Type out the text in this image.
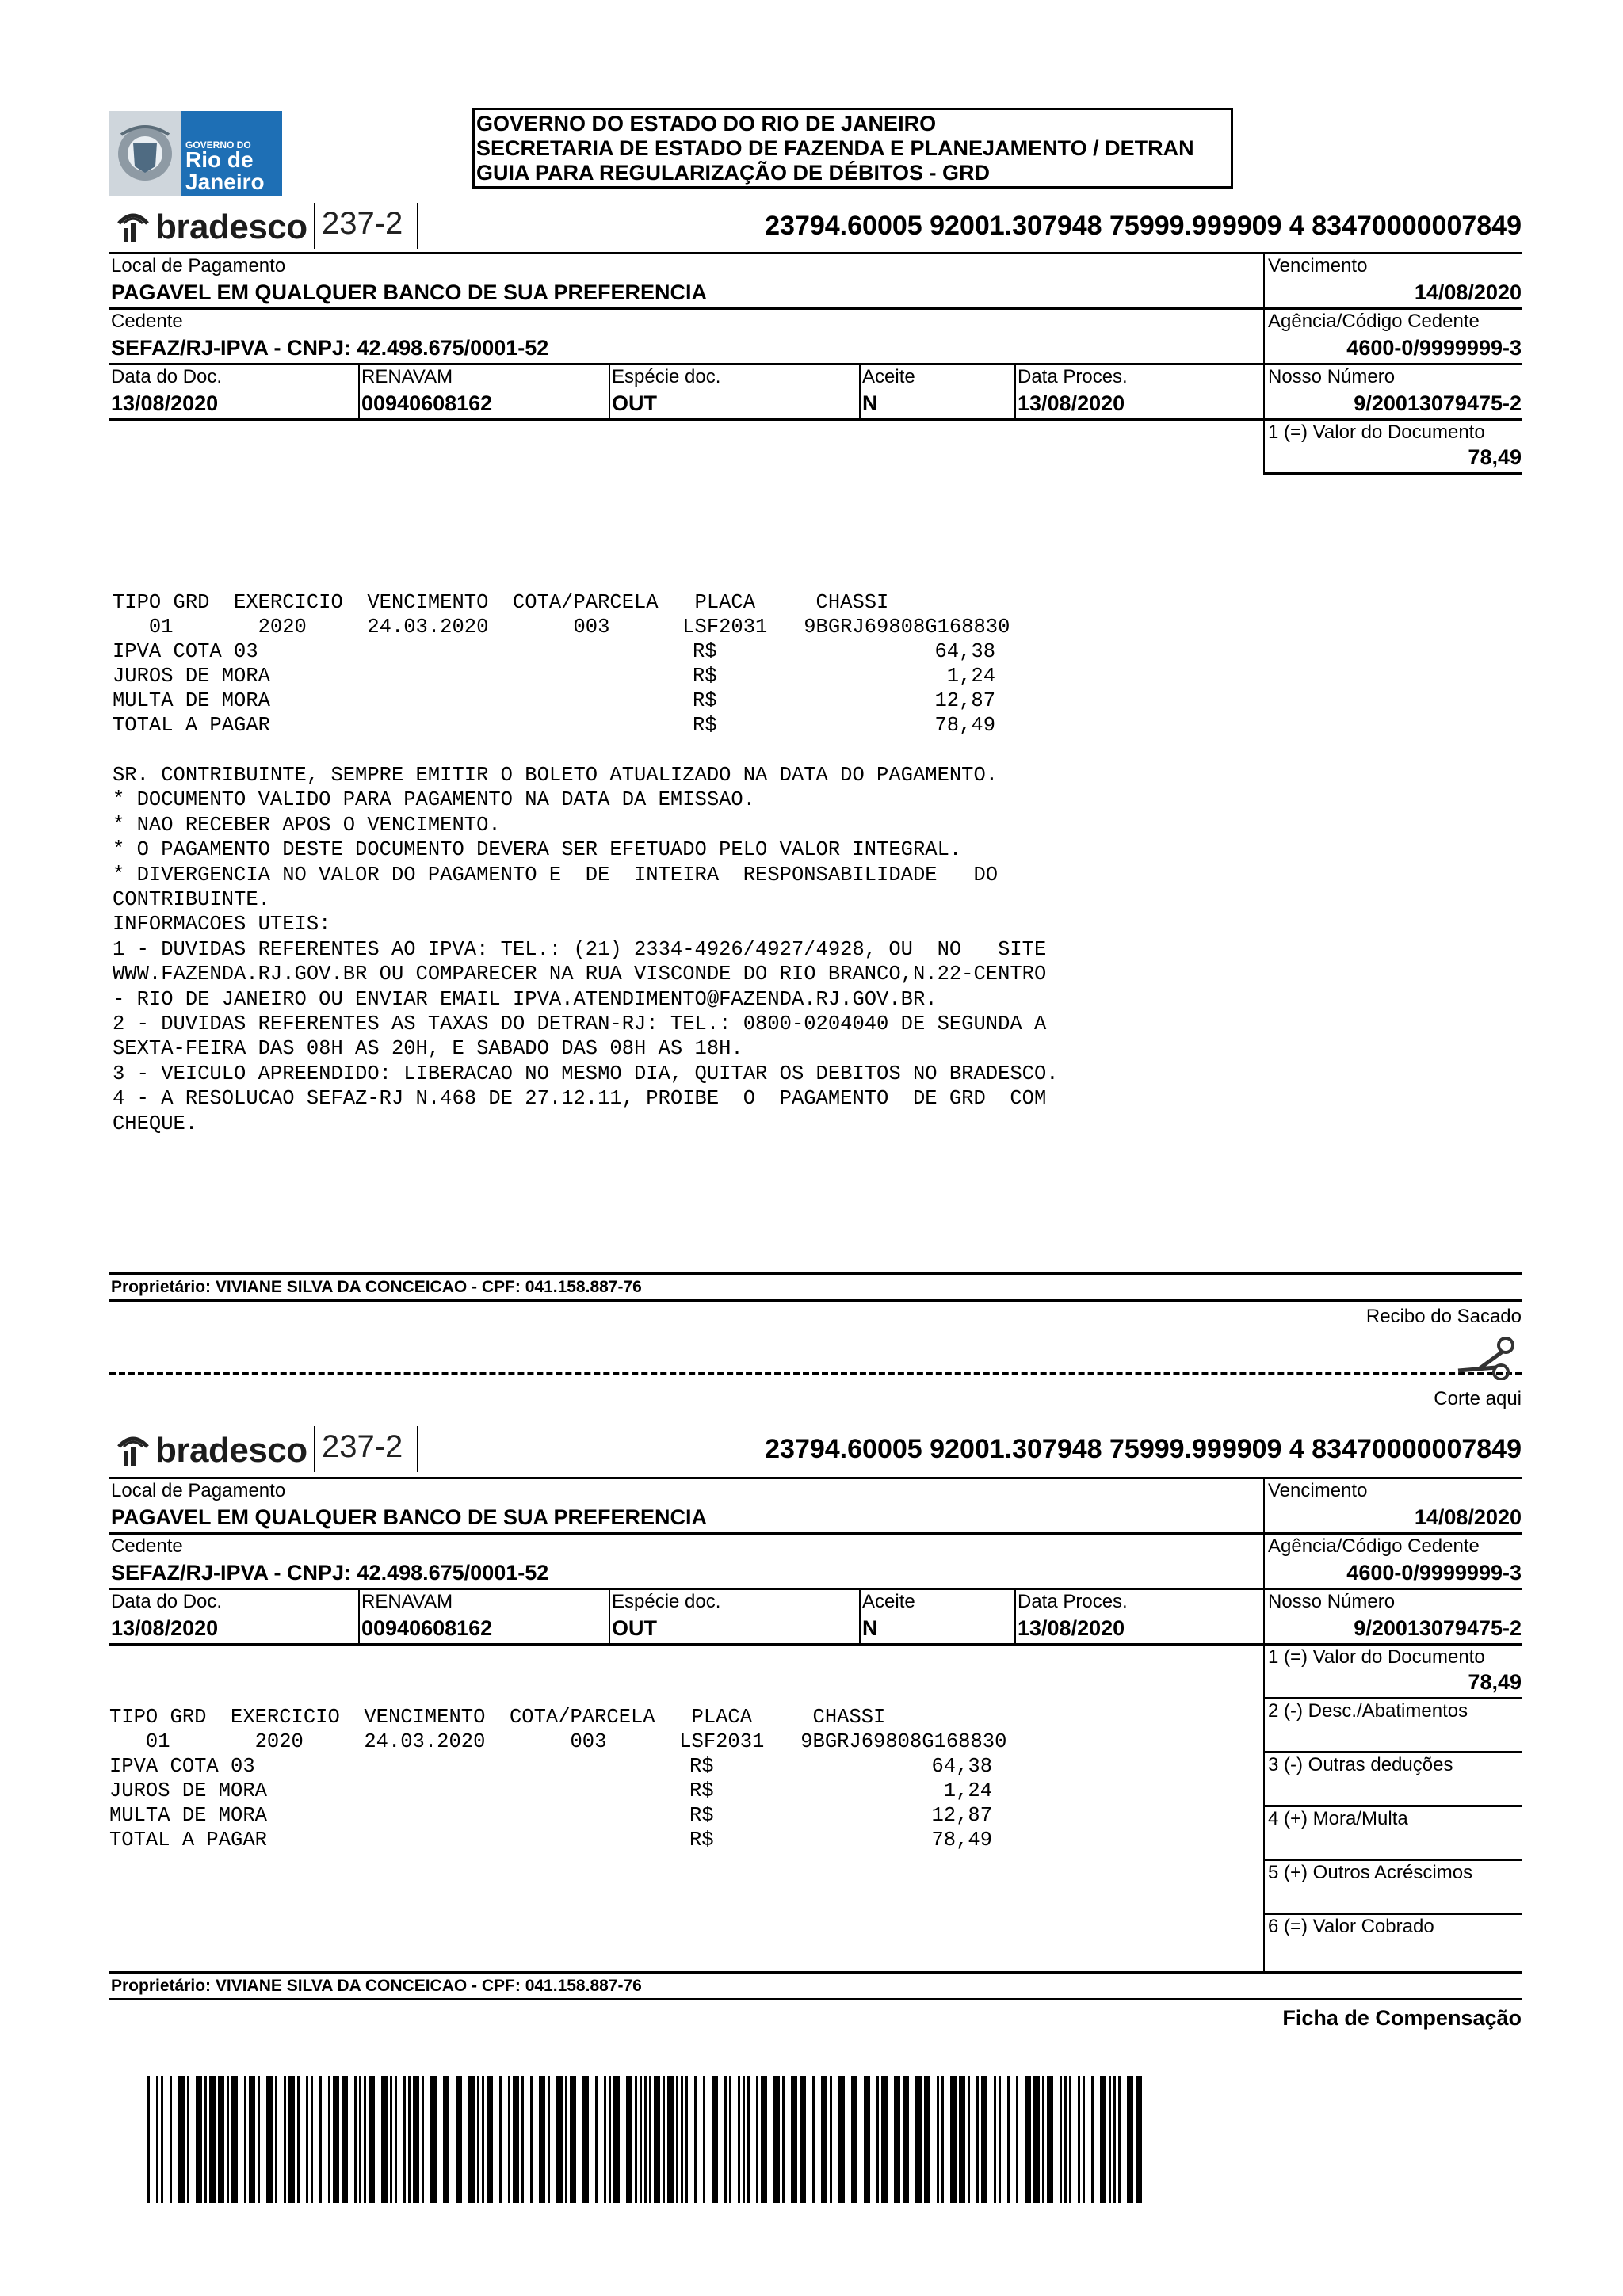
GOVERNO DO
Rio de
Janeiro
GOVERNO DO ESTADO DO RIO DE JANEIRO
SECRETARIA DE ESTADO DE FAZENDA E PLANEJAMENTO / DETRAN
GUIA PARA REGULARIZAÇÃO DE DÉBITOS - GRD
bradesco 237-2	23794.60005 92001.307948 75999.999909 4 83470000007849
Local de Pagamento
PAGAVEL EM QUALQUER BANCO DE SUA PREFERENCIA
Vencimento
14/08/2020
Cedente
SEFAZ/RJ-IPVA - CNPJ: 42.498.675/0001-52
Agência/Código Cedente
4600-0/9999999-3
Data do Doc.
13/08/2020
RENAVAM
00940608162
Espécie doc.
OUT
Aceite
N
Data Proces.
13/08/2020
Nosso Número
9/20013079475-2
1 (=) Valor do Documento
78,49
TIPO GRD  EXERCICIO  VENCIMENTO  COTA/PARCELA   PLACA     CHASSI
01       2020     24.03.2020       003      LSF2031   9BGRJ69808G168830
IPVA COTA 03	R$	64,38
JUROS DE MORA	R$	1,24
MULTA DE MORA	R$	12,87
TOTAL A PAGAR	R$	78,49
SR. CONTRIBUINTE, SEMPRE EMITIR O BOLETO ATUALIZADO NA DATA DO PAGAMENTO.
* DOCUMENTO VALIDO PARA PAGAMENTO NA DATA DA EMISSAO.
* NAO RECEBER APOS O VENCIMENTO.
* O PAGAMENTO DESTE DOCUMENTO DEVERA SER EFETUADO PELO VALOR INTEGRAL.
* DIVERGENCIA NO VALOR DO PAGAMENTO E  DE  INTEIRA  RESPONSABILIDADE   DO
CONTRIBUINTE.
INFORMACOES UTEIS:
1 - DUVIDAS REFERENTES AO IPVA: TEL.: (21) 2334-4926/4927/4928, OU  NO   SITE
WWW.FAZENDA.RJ.GOV.BR OU COMPARECER NA RUA VISCONDE DO RIO BRANCO,N.22-CENTRO
- RIO DE JANEIRO OU ENVIAR EMAIL IPVA.ATENDIMENTO@FAZENDA.RJ.GOV.BR.
2 - DUVIDAS REFERENTES AS TAXAS DO DETRAN-RJ: TEL.: 0800-0204040 DE SEGUNDA A
SEXTA-FEIRA DAS 08H AS 20H, E SABADO DAS 08H AS 18H.
3 - VEICULO APREENDIDO: LIBERACAO NO MESMO DIA, QUITAR OS DEBITOS NO BRADESCO.
4 - A RESOLUCAO SEFAZ-RJ N.468 DE 27.12.11, PROIBE  O  PAGAMENTO  DE GRD  COM
CHEQUE.
Proprietário: VIVIANE SILVA DA CONCEICAO - CPF: 041.158.887-76
Recibo do Sacado
Corte aqui
bradesco 237-2	23794.60005 92001.307948 75999.999909 4 83470000007849
Local de Pagamento
PAGAVEL EM QUALQUER BANCO DE SUA PREFERENCIA
Vencimento
14/08/2020
Cedente
SEFAZ/RJ-IPVA - CNPJ: 42.498.675/0001-52
Agência/Código Cedente
4600-0/9999999-3
Data do Doc.
13/08/2020
RENAVAM
00940608162
Espécie doc.
OUT
Aceite
N
Data Proces.
13/08/2020
Nosso Número
9/20013079475-2
1 (=) Valor do Documento
78,49
2 (-) Desc./Abatimentos
3 (-) Outras deduções
4 (+) Mora/Multa
5 (+) Outros Acréscimos
6 (=) Valor Cobrado
TIPO GRD  EXERCICIO  VENCIMENTO  COTA/PARCELA   PLACA     CHASSI
01       2020     24.03.2020       003      LSF2031   9BGRJ69808G168830
IPVA COTA 03	R$	64,38
JUROS DE MORA	R$	1,24
MULTA DE MORA	R$	12,87
TOTAL A PAGAR	R$	78,49
Proprietário: VIVIANE SILVA DA CONCEICAO - CPF: 041.158.887-76
Ficha de Compensação
